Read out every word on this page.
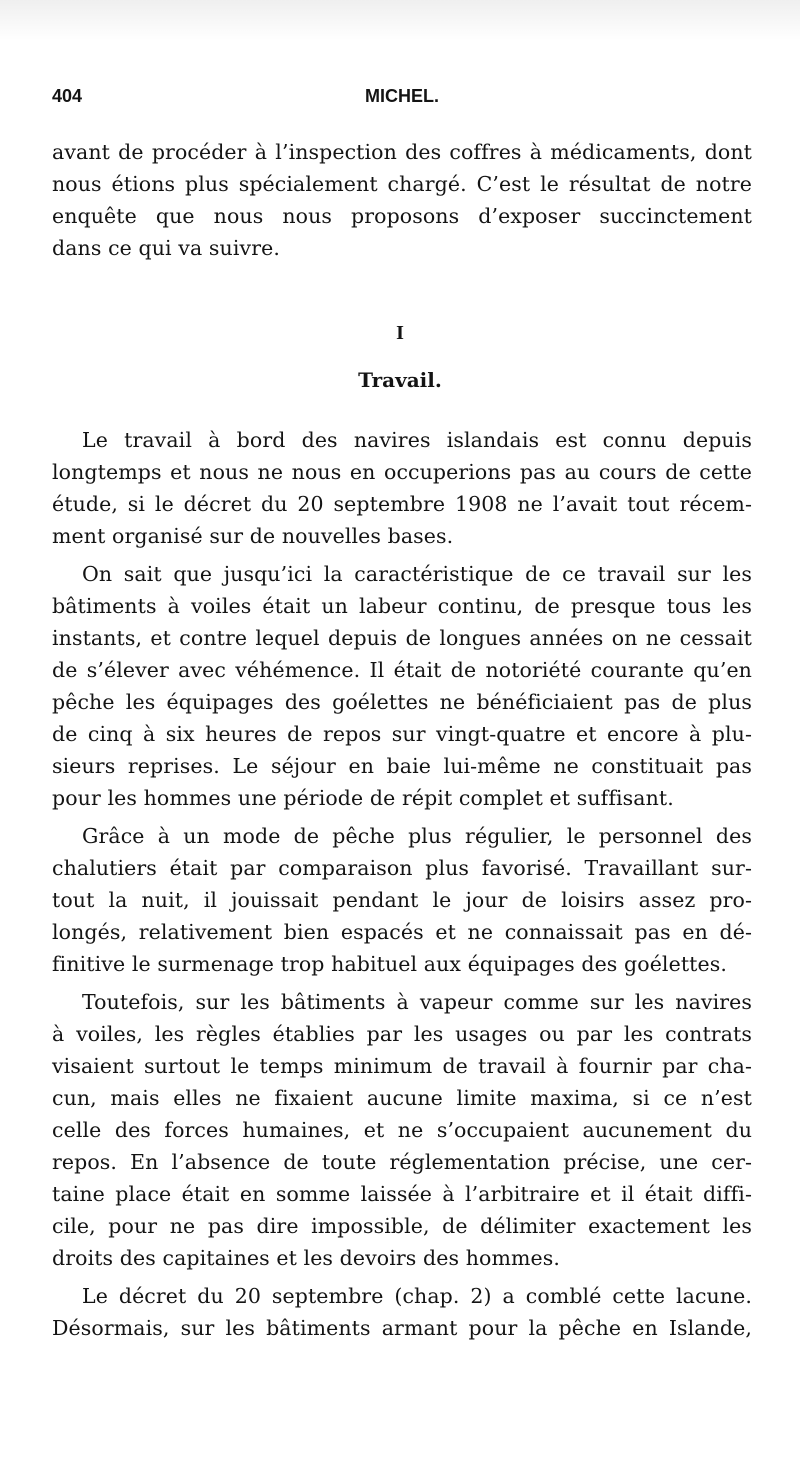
404	MICHEL.
avant de procéder à l’inspection des coffres à médicaments, dont
nous étions plus spécialement chargé. C’est le résultat de notre
enquête que nous nous proposons d’exposer succinctement
dans ce qui va suivre.
I
Travail.
Le travail à bord des navires islandais est connu depuis
longtemps et nous ne nous en occuperions pas au cours de cette
étude, si le décret du 20 septembre 1908 ne l’avait tout récem-
ment organisé sur de nouvelles bases.
On sait que jusqu’ici la caractéristique de ce travail sur les
bâtiments à voiles était un labeur continu, de presque tous les
instants, et contre lequel depuis de longues années on ne cessait
de s’élever avec véhémence. Il était de notoriété courante qu’en
pêche les équipages des goélettes ne bénéficiaient pas de plus
de cinq à six heures de repos sur vingt-quatre et encore à plu-
sieurs reprises. Le séjour en baie lui-même ne constituait pas
pour les hommes une période de répit complet et suffisant.
Grâce à un mode de pêche plus régulier, le personnel des
chalutiers était par comparaison plus favorisé. Travaillant sur-
tout la nuit, il jouissait pendant le jour de loisirs assez pro-
longés, relativement bien espacés et ne connaissait pas en dé-
finitive le surmenage trop habituel aux équipages des goélettes.
Toutefois, sur les bâtiments à vapeur comme sur les navires
à voiles, les règles établies par les usages ou par les contrats
visaient surtout le temps minimum de travail à fournir par cha-
cun, mais elles ne fixaient aucune limite maxima, si ce n’est
celle des forces humaines, et ne s’occupaient aucunement du
repos. En l’absence de toute réglementation précise, une cer-
taine place était en somme laissée à l’arbitraire et il était diffi-
cile, pour ne pas dire impossible, de délimiter exactement les
droits des capitaines et les devoirs des hommes.
Le décret du 20 septembre (chap. 2) a comblé cette lacune.
Désormais, sur les bâtiments armant pour la pêche en Islande,
